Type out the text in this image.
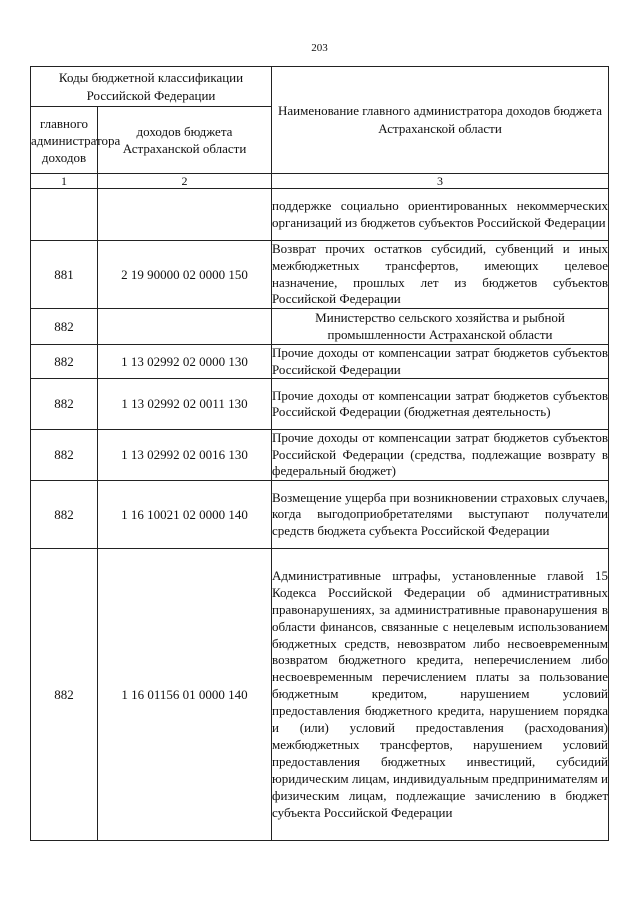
203
Коды бюджетной классификации Российской Федерации		Наименование главного администратора доходов бюджета Астраханской области
главного администратора доходов	доходов бюджета Астраханской области	
1	2	3
		поддержке социально ориентированных некоммерческих организаций из бюджетов субъектов Российской Федерации
881	2 19 90000 02 0000 150	Возврат прочих остатков субсидий, субвенций и иных межбюджетных трансфертов, имеющих целевое назначение, прошлых лет из бюджетов субъектов Российской Федерации
882		Министерство сельского хозяйства и рыбной промышленности Астраханской области
882	1 13 02992 02 0000 130	Прочие доходы от компенсации затрат бюджетов субъектов Российской Федерации
882	1 13 02992 02 0011 130	Прочие доходы от компенсации затрат бюджетов субъектов Российской Федерации (бюджетная деятельность)
882	1 13 02992 02 0016 130	Прочие доходы от компенсации затрат бюджетов субъектов Российской Федерации (средства, подлежащие возврату в федеральный бюджет)
882	1 16 10021 02 0000 140	Возмещение ущерба при возникновении страховых случаев, когда выгодоприобретателями выступают получатели средств бюджета субъекта Российской Федерации
882	1 16 01156 01 0000 140	Административные штрафы, установленные главой 15 Кодекса Российской Федерации об административных правонарушениях, за административные правонарушения в области финансов, связанные с нецелевым использованием бюджетных средств, невозвратом либо несвоевременным возвратом бюджетного кредита, неперечислением либо несвоевременным перечислением платы за пользование бюджетным кредитом, нарушением условий предоставления бюджетного кредита, нарушением порядка и (или) условий предоставления (расходования) межбюджетных трансфертов, нарушением условий предоставления бюджетных инвестиций, субсидий юридическим лицам, индивидуальным предпринимателям и физическим лицам, подлежащие зачислению в бюджет субъекта Российской Федерации
